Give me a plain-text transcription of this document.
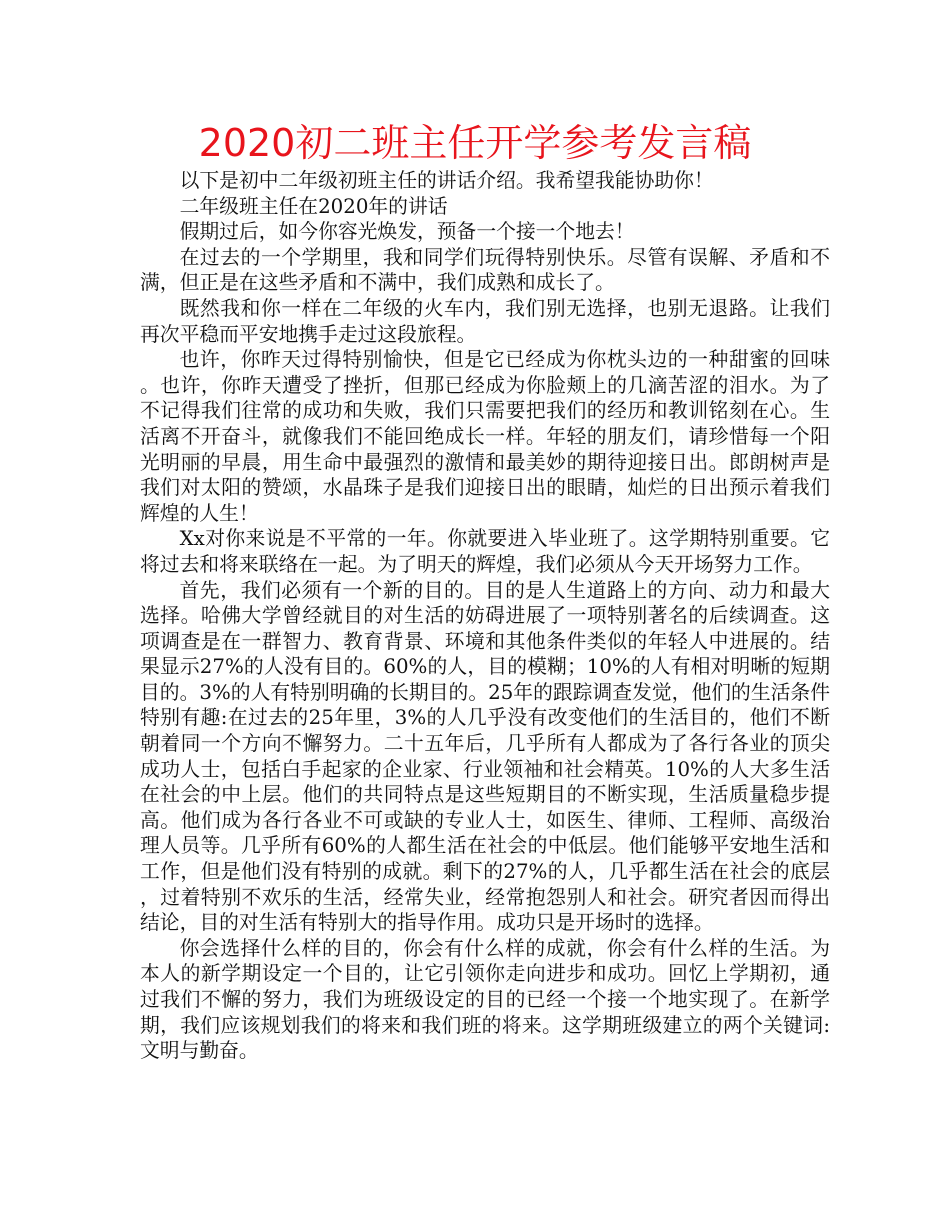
2020初二班主任开学参考发言稿

以下是初中二年级初班主任的讲话介绍。我希望我能协助你！

二年级班主任在2020年的讲话

假期过后，如今你容光焕发，预备一个接一个地去！

在过去的一个学期里，我和同学们玩得特别快乐。尽管有误解、矛盾和不满，但正是在这些矛盾和不满中，我们成熟和成长了。

既然我和你一样在二年级的火车内，我们别无选择，也别无退路。让我们再次平稳而平安地携手走过这段旅程。

也许，你昨天过得特别愉快，但是它已经成为你枕头边的一种甜蜜的回味。也许，你昨天遭受了挫折，但那已经成为你脸颊上的几滴苦涩的泪水。为了不记得我们往常的成功和失败，我们只需要把我们的经历和教训铭刻在心。生活离不开奋斗，就像我们不能回绝成长一样。年轻的朋友们，请珍惜每一个阳光明丽的早晨，用生命中最强烈的激情和最美妙的期待迎接日出。郎朗树声是我们对太阳的赞颂，水晶珠子是我们迎接日出的眼睛，灿烂的日出预示着我们辉煌的人生！

Xx对你来说是不平常的一年。你就要进入毕业班了。这学期特别重要。它将过去和将来联络在一起。为了明天的辉煌，我们必须从今天开场努力工作。

首先，我们必须有一个新的目的。目的是人生道路上的方向、动力和最大选择。哈佛大学曾经就目的对生活的妨碍进展了一项特别著名的后续调查。这项调查是在一群智力、教育背景、环境和其他条件类似的年轻人中进展的。结果显示27%的人没有目的。60%的人，目的模糊；10%的人有相对明晰的短期目的。3%的人有特别明确的长期目的。25年的跟踪调查发觉，他们的生活条件特别有趣:在过去的25年里，3%的人几乎没有改变他们的生活目的，他们不断朝着同一个方向不懈努力。二十五年后，几乎所有人都成为了各行各业的顶尖成功人士，包括白手起家的企业家、行业领袖和社会精英。10%的人大多生活在社会的中上层。他们的共同特点是这些短期目的不断实现，生活质量稳步提高。他们成为各行各业不可或缺的专业人士，如医生、律师、工程师、高级治理人员等。几乎所有60%的人都生活在社会的中低层。他们能够平安地生活和工作，但是他们没有特别的成就。剩下的27%的人，几乎都生活在社会的底层，过着特别不欢乐的生活，经常失业，经常抱怨别人和社会。研究者因而得出结论，目的对生活有特别大的指导作用。成功只是开场时的选择。

你会选择什么样的目的，你会有什么样的成就，你会有什么样的生活。为本人的新学期设定一个目的，让它引领你走向进步和成功。回忆上学期初，通过我们不懈的努力，我们为班级设定的目的已经一个接一个地实现了。在新学期，我们应该规划我们的将来和我们班的将来。这学期班级建立的两个关键词:文明与勤奋。
